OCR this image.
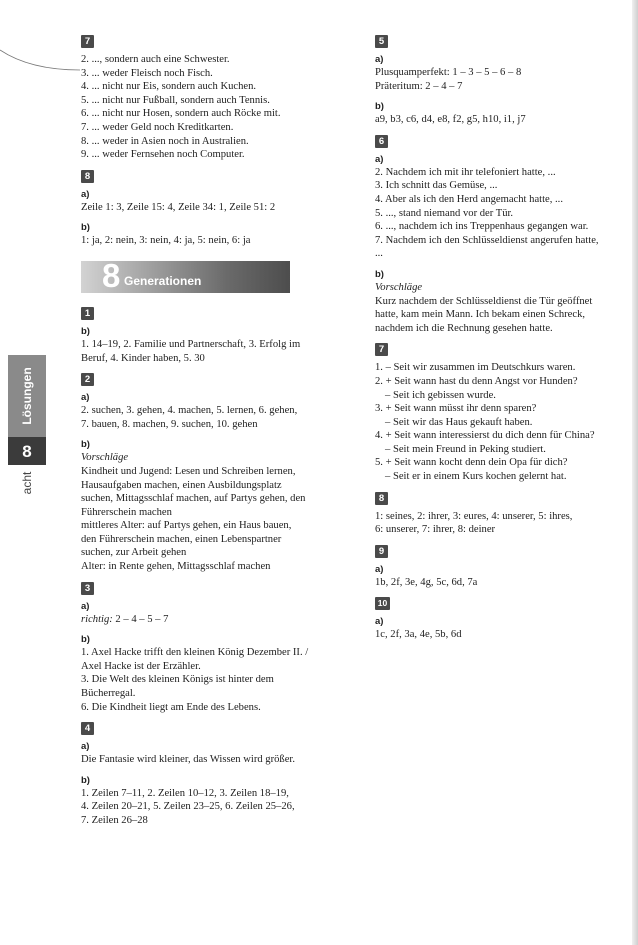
Lösungen
8
acht
7
2. ..., sondern auch eine Schwester.
3. ... weder Fleisch noch Fisch.
4. ... nicht nur Eis, sondern auch Kuchen.
5. ... nicht nur Fußball, sondern auch Tennis.
6. ... nicht nur Hosen, sondern auch Röcke mit.
7. ... weder Geld noch Kreditkarten.
8. ... weder in Asien noch in Australien.
9. ... weder Fernsehen noch Computer.
8
a)
Zeile 1: 3, Zeile 15: 4, Zeile 34: 1, Zeile 51: 2
b)
1: ja, 2: nein, 3: nein, 4: ja, 5: nein, 6: ja
8 Generationen
1
b)
1. 14–19, 2. Familie und Partnerschaft, 3. Erfolg im
Beruf, 4. Kinder haben, 5. 30
2
a)
2. suchen, 3. gehen, 4. machen, 5. lernen, 6. gehen,
7. bauen, 8. machen, 9. suchen, 10. gehen
b)
Vorschläge
Kindheit und Jugend: Lesen und Schreiben lernen,
Hausaufgaben machen, einen Ausbildungsplatz
suchen, Mittagsschlaf machen, auf Partys gehen, den
Führerschein machen
mittleres Alter: auf Partys gehen, ein Haus bauen,
den Führerschein machen, einen Lebenspartner
suchen, zur Arbeit gehen
Alter: in Rente gehen, Mittagsschlaf machen
3
a)
richtig: 2 – 4 – 5 – 7
b)
1. Axel Hacke trifft den kleinen König Dezember II. /
Axel Hacke ist der Erzähler.
3. Die Welt des kleinen Königs ist hinter dem
Bücherregal.
6. Die Kindheit liegt am Ende des Lebens.
4
a)
Die Fantasie wird kleiner, das Wissen wird größer.
b)
1. Zeilen 7–11, 2. Zeilen 10–12, 3. Zeilen 18–19,
4. Zeilen 20–21, 5. Zeilen 23–25, 6. Zeilen 25–26,
7. Zeilen 26–28
5
a)
Plusquamperfekt: 1 – 3 – 5 – 6 – 8
Präteritum: 2 – 4 – 7
b)
a9, b3, c6, d4, e8, f2, g5, h10, i1, j7
6
a)
2. Nachdem ich mit ihr telefoniert hatte, ...
3. Ich schnitt das Gemüse, ...
4. Aber als ich den Herd angemacht hatte, ...
5. ..., stand niemand vor der Tür.
6. ..., nachdem ich ins Treppenhaus gegangen war.
7. Nachdem ich den Schlüsseldienst angerufen hatte,
...
b)
Vorschläge
Kurz nachdem der Schlüsseldienst die Tür geöffnet
hatte, kam mein Mann. Ich bekam einen Schreck,
nachdem ich die Rechnung gesehen hatte.
7
1. – Seit wir zusammen im Deutschkurs waren.
2. + Seit wann hast du denn Angst vor Hunden?
– Seit ich gebissen wurde.
3. + Seit wann müsst ihr denn sparen?
– Seit wir das Haus gekauft haben.
4. + Seit wann interessierst du dich denn für China?
– Seit mein Freund in Peking studiert.
5. + Seit wann kocht denn dein Opa für dich?
– Seit er in einem Kurs kochen gelernt hat.
8
1: seines, 2: ihrer, 3: eures, 4: unserer, 5: ihres,
6: unserer, 7: ihrer, 8: deiner
9
a)
1b, 2f, 3e, 4g, 5c, 6d, 7a
10
a)
1c, 2f, 3a, 4e, 5b, 6d
